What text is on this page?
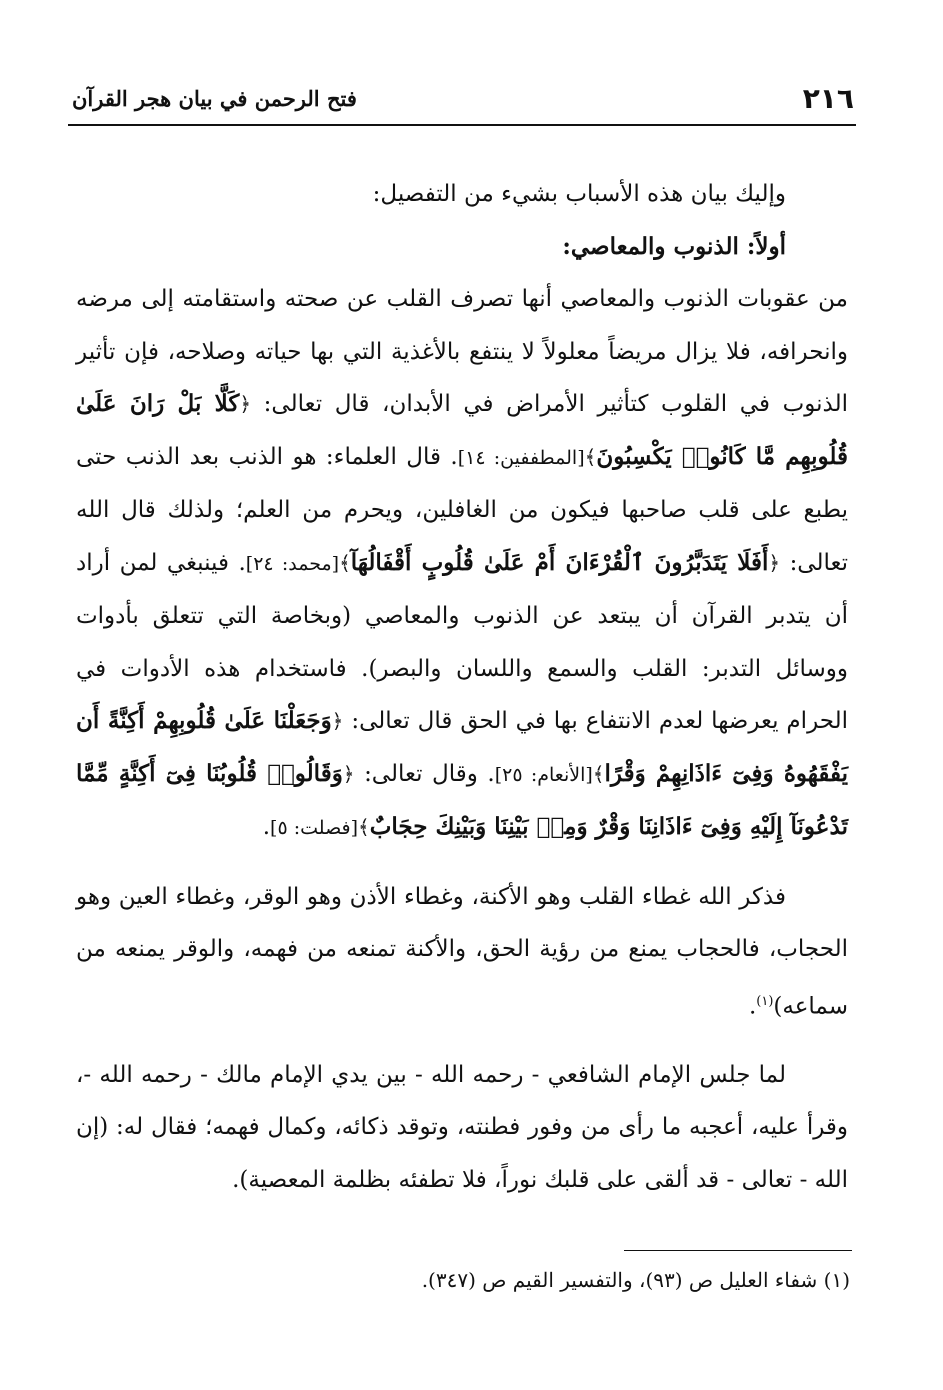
٢١٦
فتح الرحمن في بيان هجر القرآن

وإليك بيان هذه الأسباب بشيء من التفصيل:

أولاً: الذنوب والمعاصي:

من عقوبات الذنوب والمعاصي أنها تصرف القلب عن صحته واستقامته إلى مرضه وانحرافه، فلا يزال مريضاً معلولاً لا ينتفع بالأغذية التي بها حياته وصلاحه، فإن تأثير الذنوب في القلوب كتأثير الأمراض في الأبدان، قال تعالى: ﴿كَلَّا بَلْ رَانَ عَلَىٰ قُلُوبِهِم مَّا كَانُوا۟ يَكْسِبُونَ﴾[المطففين: ١٤]. قال العلماء: هو الذنب بعد الذنب حتى يطبع على قلب صاحبها فيكون من الغافلين، ويحرم من العلم؛ ولذلك قال الله تعالى: ﴿أَفَلَا يَتَدَبَّرُونَ ٱلْقُرْءَانَ أَمْ عَلَىٰ قُلُوبٍ أَقْفَالُهَآ﴾[محمد: ٢٤]. فينبغي لمن أراد أن يتدبر القرآن أن يبتعد عن الذنوب والمعاصي (وبخاصة التي تتعلق بأدوات ووسائل التدبر: القلب والسمع واللسان والبصر). فاستخدام هذه الأدوات في الحرام يعرضها لعدم الانتفاع بها في الحق قال تعالى: ﴿وَجَعَلْنَا عَلَىٰ قُلُوبِهِمْ أَكِنَّةً أَن يَفْقَهُوهُ وَفِىٓ ءَاذَانِهِمْ وَقْرًا﴾[الأنعام: ٢٥]. وقال تعالى: ﴿وَقَالُوا۟ قُلُوبُنَا فِىٓ أَكِنَّةٍ مِّمَّا تَدْعُونَآ إِلَيْهِ وَفِىٓ ءَاذَانِنَا وَقْرٌ وَمِنۢ بَيْنِنَا وَبَيْنِكَ حِجَابٌ﴾[فصلت: ٥].

فذكر الله غطاء القلب وهو الأكنة، وغطاء الأذن وهو الوقر، وغطاء العين وهو الحجاب، فالحجاب يمنع من رؤية الحق، والأكنة تمنعه من فهمه، والوقر يمنعه من سماعه)$^{(١)}$.

لما جلس الإمام الشافعي - رحمه الله - بين يدي الإمام مالك - رحمه الله -، وقرأ عليه، أعجبه ما رأى من وفور فطنته، وتوقد ذكائه، وكمال فهمه؛ فقال له: (إن الله - تعالى - قد ألقى على قلبك نوراً، فلا تطفئه بظلمة المعصية).

(١) شفاء العليل ص (٩٣)، والتفسير القيم ص (٣٤٧).
